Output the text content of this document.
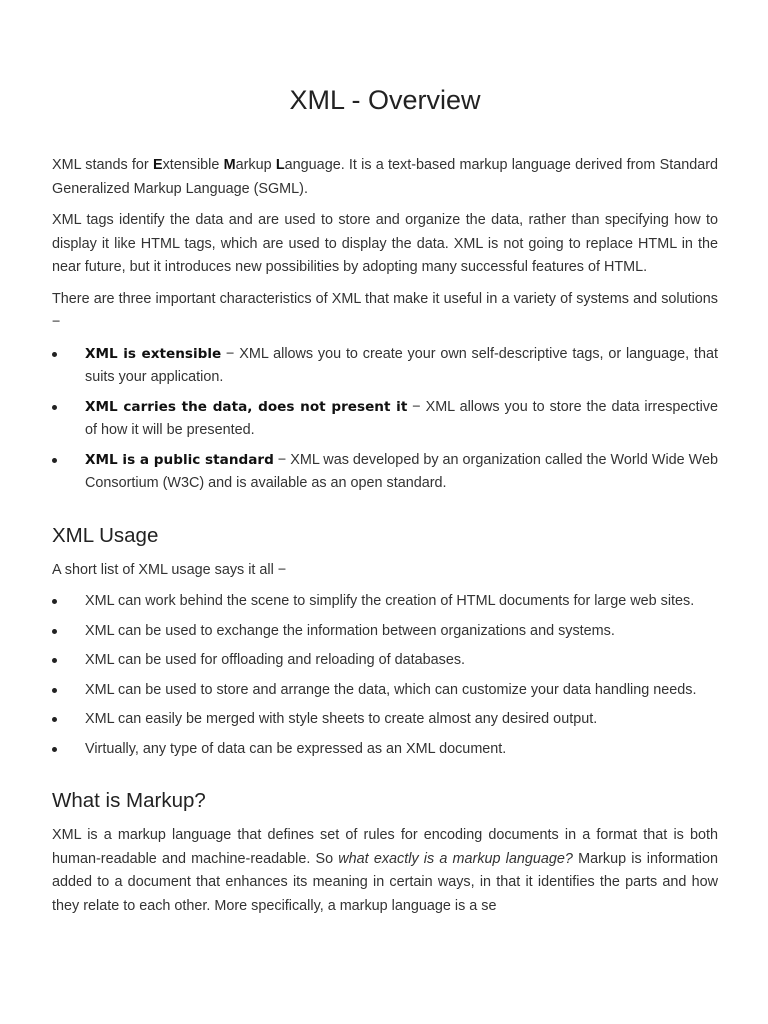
XML - Overview

XML stands for Extensible Markup Language. It is a text-based markup language derived from Standard Generalized Markup Language (SGML).

XML tags identify the data and are used to store and organize the data, rather than specifying how to display it like HTML tags, which are used to display the data. XML is not going to replace HTML in the near future, but it introduces new possibilities by adopting many successful features of HTML.

There are three important characteristics of XML that make it useful in a variety of systems and solutions −

XML is extensible − XML allows you to create your own self-descriptive tags, or language, that suits your application.
XML carries the data, does not present it − XML allows you to store the data irrespective of how it will be presented.
XML is a public standard − XML was developed by an organization called the World Wide Web Consortium (W3C) and is available as an open standard.
XML Usage

A short list of XML usage says it all −

XML can work behind the scene to simplify the creation of HTML documents for large web sites.
XML can be used to exchange the information between organizations and systems.
XML can be used for offloading and reloading of databases.
XML can be used to store and arrange the data, which can customize your data handling needs.
XML can easily be merged with style sheets to create almost any desired output.
Virtually, any type of data can be expressed as an XML document.
What is Markup?

XML is a markup language that defines set of rules for encoding documents in a format that is both human-readable and machine-readable. So what exactly is a markup language? Markup is information added to a document that enhances its meaning in certain ways, in that it identifies the parts and how they relate to each other. More specifically, a markup language is a se
